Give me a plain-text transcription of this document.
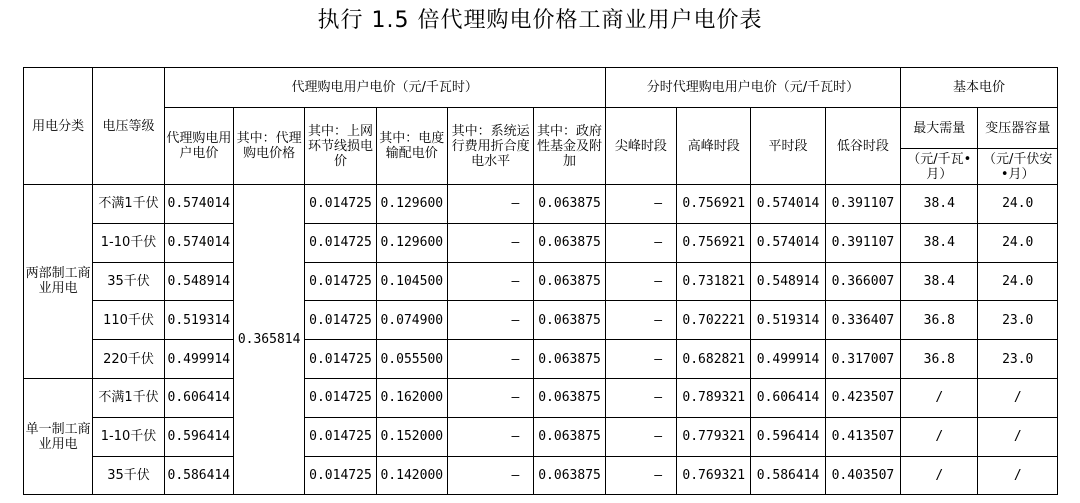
执行 1.5 倍代理购电价格工商业用户电价表
用电分类	电压等级	代理购电用户电价（元/千瓦时）						分时代理购电用户电价（元/千瓦时）				基本电价	
		代理购电用户电价	其中：代理购电价格	其中：上网环节线损电价	其中：电度输配电价	其中：系统运行费用折合度电水平	其中：政府性基金及附加	尖峰时段	高峰时段	平时段	低谷时段	最大需量	变压器容量
												（元/千瓦•月）	（元/千伏安•月）
两部制工商业用电	不满1千伏	0.574014	0.365814	0.014725	0.129600	–	0.063875	–	0.756921	0.574014	0.391107	38.4	24.0
	1-10千伏	0.574014		0.014725	0.129600	–	0.063875	–	0.756921	0.574014	0.391107	38.4	24.0
	35千伏	0.548914		0.014725	0.104500	–	0.063875	–	0.731821	0.548914	0.366007	38.4	24.0
	110千伏	0.519314		0.014725	0.074900	–	0.063875	–	0.702221	0.519314	0.336407	36.8	23.0
	220千伏	0.499914		0.014725	0.055500	–	0.063875	–	0.682821	0.499914	0.317007	36.8	23.0
单一制工商业用电	不满1千伏	0.606414		0.014725	0.162000	–	0.063875	–	0.789321	0.606414	0.423507	/	/
	1-10千伏	0.596414		0.014725	0.152000	–	0.063875	–	0.779321	0.596414	0.413507	/	/
	35千伏	0.586414		0.014725	0.142000	–	0.063875	–	0.769321	0.586414	0.403507	/	/
